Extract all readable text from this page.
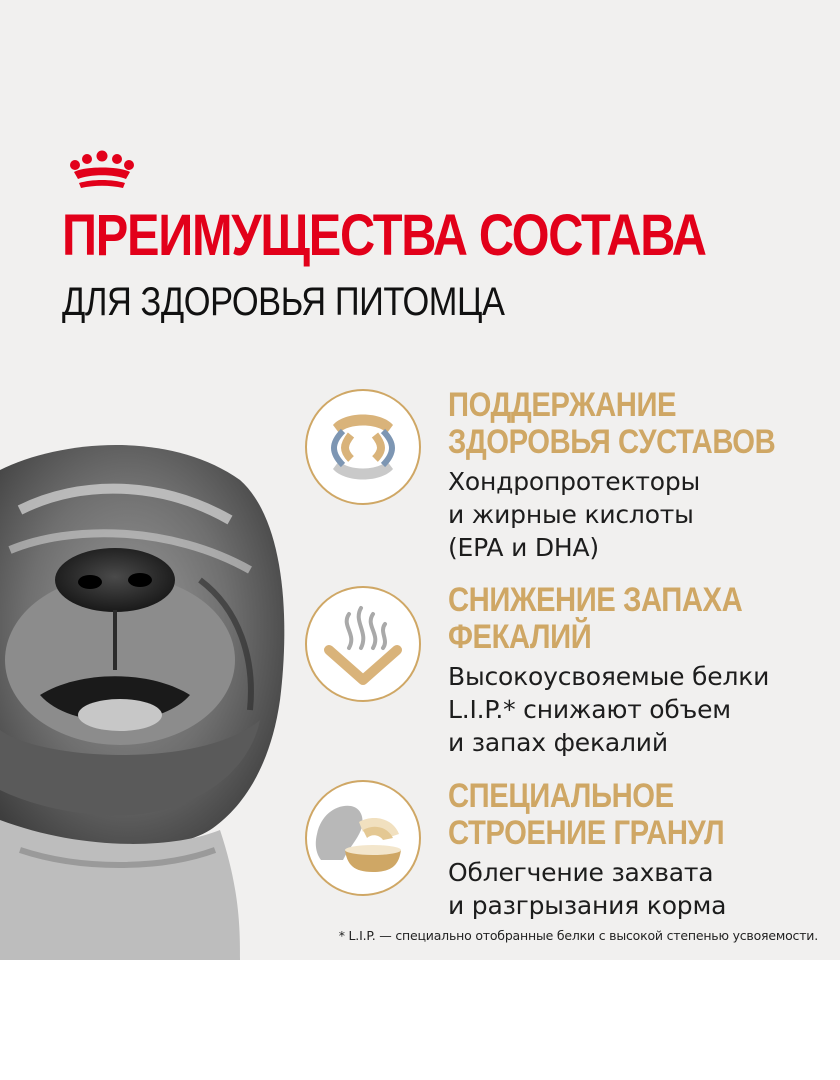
ПРЕИМУЩЕСТВА СОСТАВА
ДЛЯ ЗДОРОВЬЯ ПИТОМЦА

ПОДДЕРЖАНИЕ

ЗДОРОВЬЯ СУСТАВОВ

Хондропротекторы

и жирные кислоты

(EPA и DHA)

СНИЖЕНИЕ ЗАПАХА

ФЕКАЛИЙ

Высокоусвояемые белки

L.I.P.* снижают объем

и запах фекалий

СПЕЦИАЛЬНОЕ

СТРОЕНИЕ ГРАНУЛ

Облегчение захвата

и разгрызания корма

* L.I.P. — специально отобранные белки с высокой степенью усвояемости.
